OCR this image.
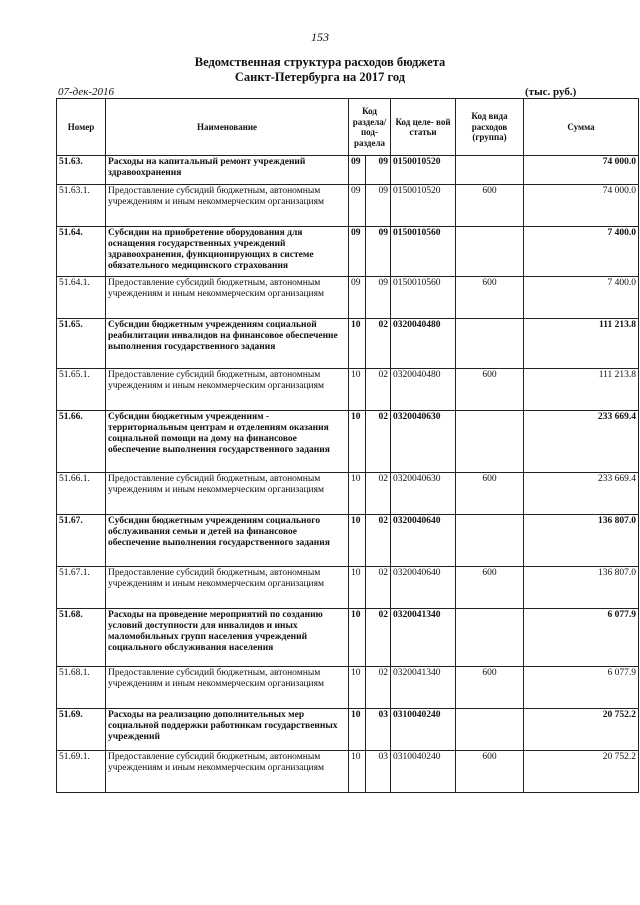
153
Ведомственная структура расходов бюджета
Санкт-Петербурга на 2017 год
07-дек-2016	(тыс. руб.)
Номер	Наименование	Код раздела/ под- раздела		Код целе- вой статьи	Код вида расходов (группа)	Сумма
51.63.	Расходы на капитальный ремонт учреждений здравоохранения	09	09	0150010520		74 000.0
51.63.1.	Предоставление субсидий бюджетным, автономным учреждениям и иным некоммерческим организациям	09	09	0150010520	600	74 000.0
51.64.	Субсидии на приобретение оборудования для оснащения государственных учреждений здравоохранения, функционирующих в системе обязательного медицинского страхования	09	09	0150010560		7 400.0
51.64.1.	Предоставление субсидий бюджетным, автономным учреждениям и иным некоммерческим организациям	09	09	0150010560	600	7 400.0
51.65.	Субсидии бюджетным учреждениям социальной реабилитации инвалидов на финансовое обеспечение выполнения государственного задания	10	02	0320040480		111 213.8
51.65.1.	Предоставление субсидий бюджетным, автономным учреждениям и иным некоммерческим организациям	10	02	0320040480	600	111 213.8
51.66.	Субсидии бюджетным учреждениям - территориальным центрам и отделениям оказания социальной помощи на дому на финансовое обеспечение выполнения государственного задания	10	02	0320040630		233 669.4
51.66.1.	Предоставление субсидий бюджетным, автономным учреждениям и иным некоммерческим организациям	10	02	0320040630	600	233 669.4
51.67.	Субсидии бюджетным учреждениям социального обслуживания семьи и детей на финансовое обеспечение выполнения государственного задания	10	02	0320040640		136 807.0
51.67.1.	Предоставление субсидий бюджетным, автономным учреждениям и иным некоммерческим организациям	10	02	0320040640	600	136 807.0
51.68.	Расходы на проведение мероприятий по созданию условий доступности для инвалидов и иных маломобильных групп населения учреждений социального обслуживания населения	10	02	0320041340		6 077.9
51.68.1.	Предоставление субсидий бюджетным, автономным учреждениям и иным некоммерческим организациям	10	02	0320041340	600	6 077.9
51.69.	Расходы на реализацию дополнительных мер социальной поддержки работникам государственных учреждений	10	03	0310040240		20 752.2
51.69.1.	Предоставление субсидий бюджетным, автономным учреждениям и иным некоммерческим организациям	10	03	0310040240	600	20 752.2
